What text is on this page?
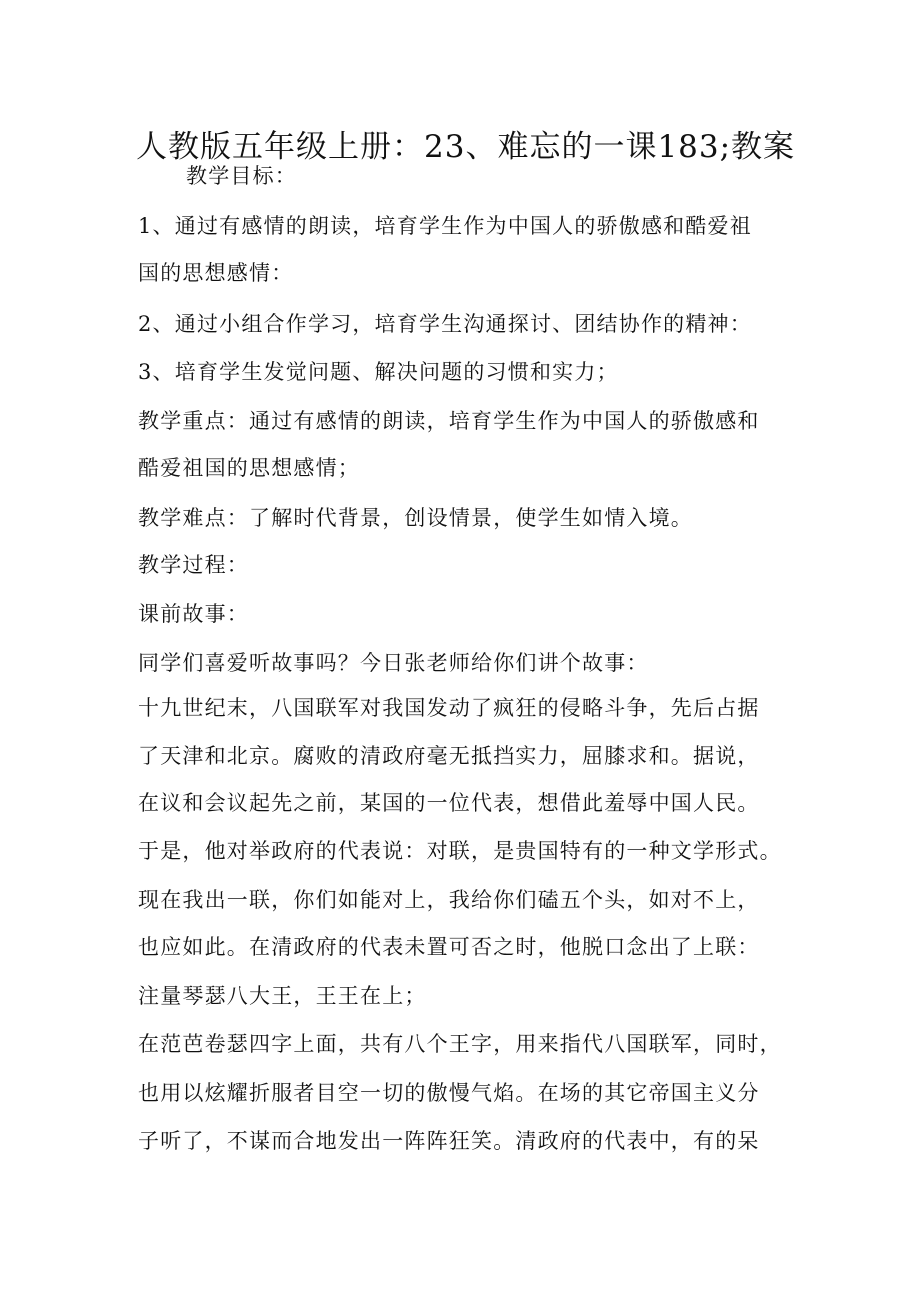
人教版五年级上册：23、难忘的一课183;教案
教学目标：
1、通过有感情的朗读，培育学生作为中国人的骄傲感和酷爱祖
国的思想感情：
2、通过小组合作学习，培育学生沟通探讨、团结协作的精神：
3、培育学生发觉问题、解决问题的习惯和实力；
教学重点：通过有感情的朗读，培育学生作为中国人的骄傲感和
酷爱祖国的思想感情；
教学难点：了解时代背景，创设情景，使学生如情入境。
教学过程：
课前故事：
同学们喜爱听故事吗？今日张老师给你们讲个故事：
十九世纪末，八国联军对我国发动了疯狂的侵略斗争，先后占据
了天津和北京。腐败的清政府毫无抵挡实力，屈膝求和。据说，
在议和会议起先之前，某国的一位代表，想借此羞辱中国人民。
于是，他对举政府的代表说：对联，是贵国特有的一种文学形式。
现在我出一联，你们如能对上，我给你们磕五个头，如对不上，
也应如此。在清政府的代表未置可否之时，他脱口念出了上联：
注量琴瑟八大王，王王在上；
在范芭卷瑟四字上面，共有八个王字，用来指代八国联军，同时，
也用以炫耀折服者目空一切的傲慢气焰。在场的其它帝国主义分
子听了，不谋而合地发出一阵阵狂笑。清政府的代表中，有的呆
